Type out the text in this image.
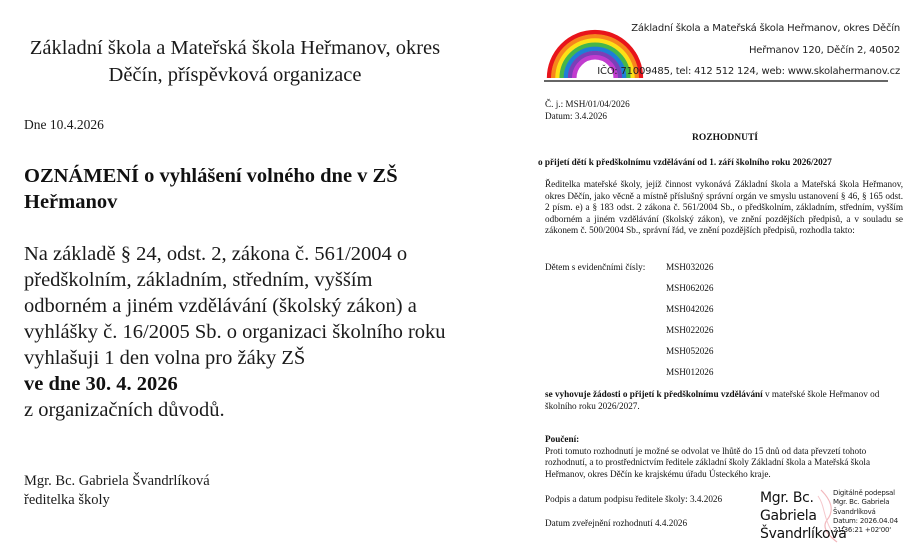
Základní škola a Mateřská škola Heřmanov, okres
Děčín, příspěvková organizace
Dne 10.4.2026
OZNÁMENÍ o vyhlášení volného dne v ZŠ
Heřmanov
Na základě § 24, odst. 2, zákona č. 561/2004 o
předškolním, základním, středním, vyšším
odborném a jiném vzdělávání (školský zákon) a
vyhlášky č. 16/2005 Sb. o organizaci školního roku
vyhlašuji 1 den volna pro žáky ZŠ
ve dne 30. 4. 2026
z organizačních důvodů.
Mgr. Bc. Gabriela Švandrlíková
ředitelka školy
Základní škola a Mateřská škola Heřmanov, okres Děčín
Heřmanov 120, Děčín 2, 40502
IČO: 71009485, tel: 412 512 124, web: www.skolahermanov.cz
Č. j.: MSH/01/04/2026
Datum: 3.4.2026
ROZHODNUTÍ
o přijetí dětí k předškolnímu vzdělávání od 1. září školního roku 2026/2027
Ředitelka mateřské školy, jejíž činnost vykonává Základní škola a Mateřská škola Heřmanov, okres Děčín, jako věcně a místně příslušný správní orgán ve smyslu ustanovení § 46, § 165 odst. 2 písm. e) a § 183 odst. 2 zákona č. 561/2004 Sb., o předškolním, základním, středním, vyšším odborném a jiném vzdělávání (školský zákon), ve znění pozdějších předpisů, a v souladu se zákonem č. 500/2004 Sb., správní řád, ve znění pozdějších předpisů, rozhodla takto:
Dětem s evidenčními čísly: MSH032026
MSH062026
MSH042026
MSH022026
MSH052026
MSH012026
se vyhovuje žádosti o přijetí k předškolnímu vzdělávání v mateřské škole Heřmanov od školního roku 2026/2027.
Poučení:
Proti tomuto rozhodnutí je možné se odvolat ve lhůtě do 15 dnů od data převzetí tohoto rozhodnutí, a to prostřednictvím ředitele základní školy Základní škola a Mateřská škola Heřmanov, okres Děčín ke krajskému úřadu Ústeckého kraje.
Podpis a datum podpisu ředitele školy: 3.4.2026
Datum zveřejnění rozhodnutí 4.4.2026
Mgr. Bc.
Gabriela
Švandrlíková
Digitálně podepsal
Mgr. Bc. Gabriela
Švandrlíková
Datum: 2026.04.04
21:36:21 +02'00'
